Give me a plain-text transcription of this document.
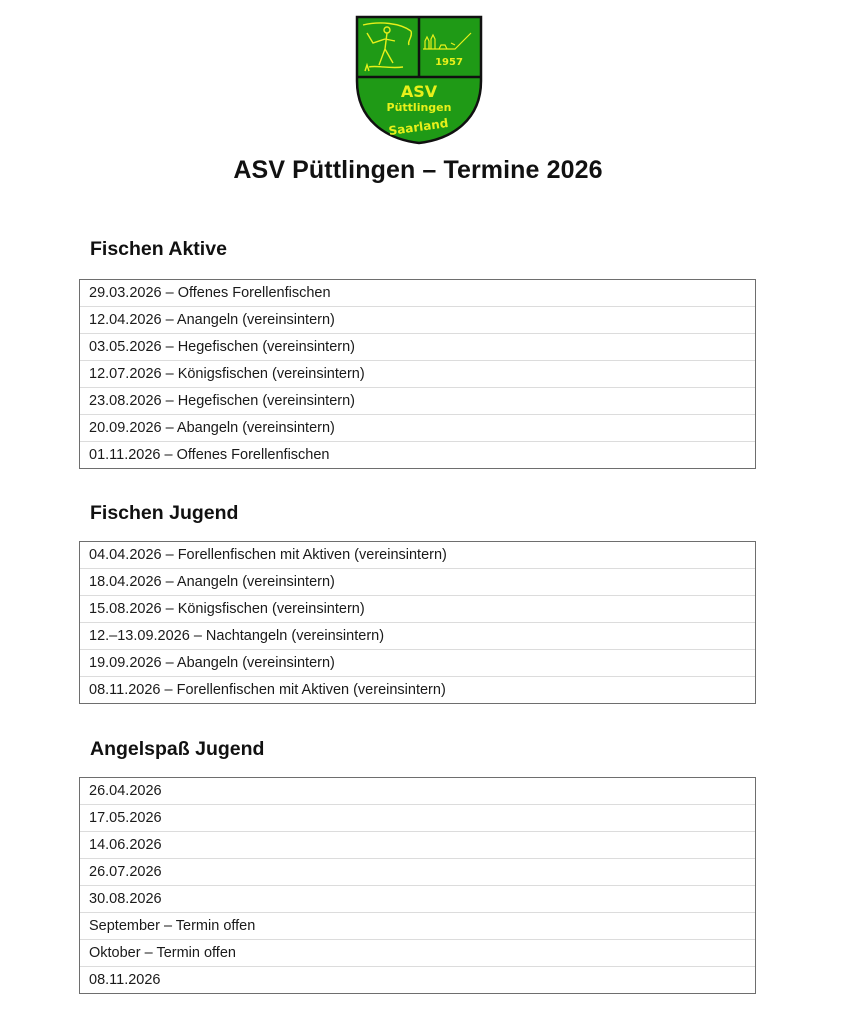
1957
ASV
Püttlingen
Saarland
ASV Püttlingen – Termine 2026
Fischen Aktive
29.03.2026 – Offenes Forellenfischen
12.04.2026 – Anangeln (vereinsintern)
03.05.2026 – Hegefischen (vereinsintern)
12.07.2026 – Königsfischen (vereinsintern)
23.08.2026 – Hegefischen (vereinsintern)
20.09.2026 – Abangeln (vereinsintern)
01.11.2026 – Offenes Forellenfischen
Fischen Jugend
04.04.2026 – Forellenfischen mit Aktiven (vereinsintern)
18.04.2026 – Anangeln (vereinsintern)
15.08.2026 – Königsfischen (vereinsintern)
12.–13.09.2026 – Nachtangeln (vereinsintern)
19.09.2026 – Abangeln (vereinsintern)
08.11.2026 – Forellenfischen mit Aktiven (vereinsintern)
Angelspaß Jugend
26.04.2026
17.05.2026
14.06.2026
26.07.2026
30.08.2026
September – Termin offen
Oktober – Termin offen
08.11.2026
